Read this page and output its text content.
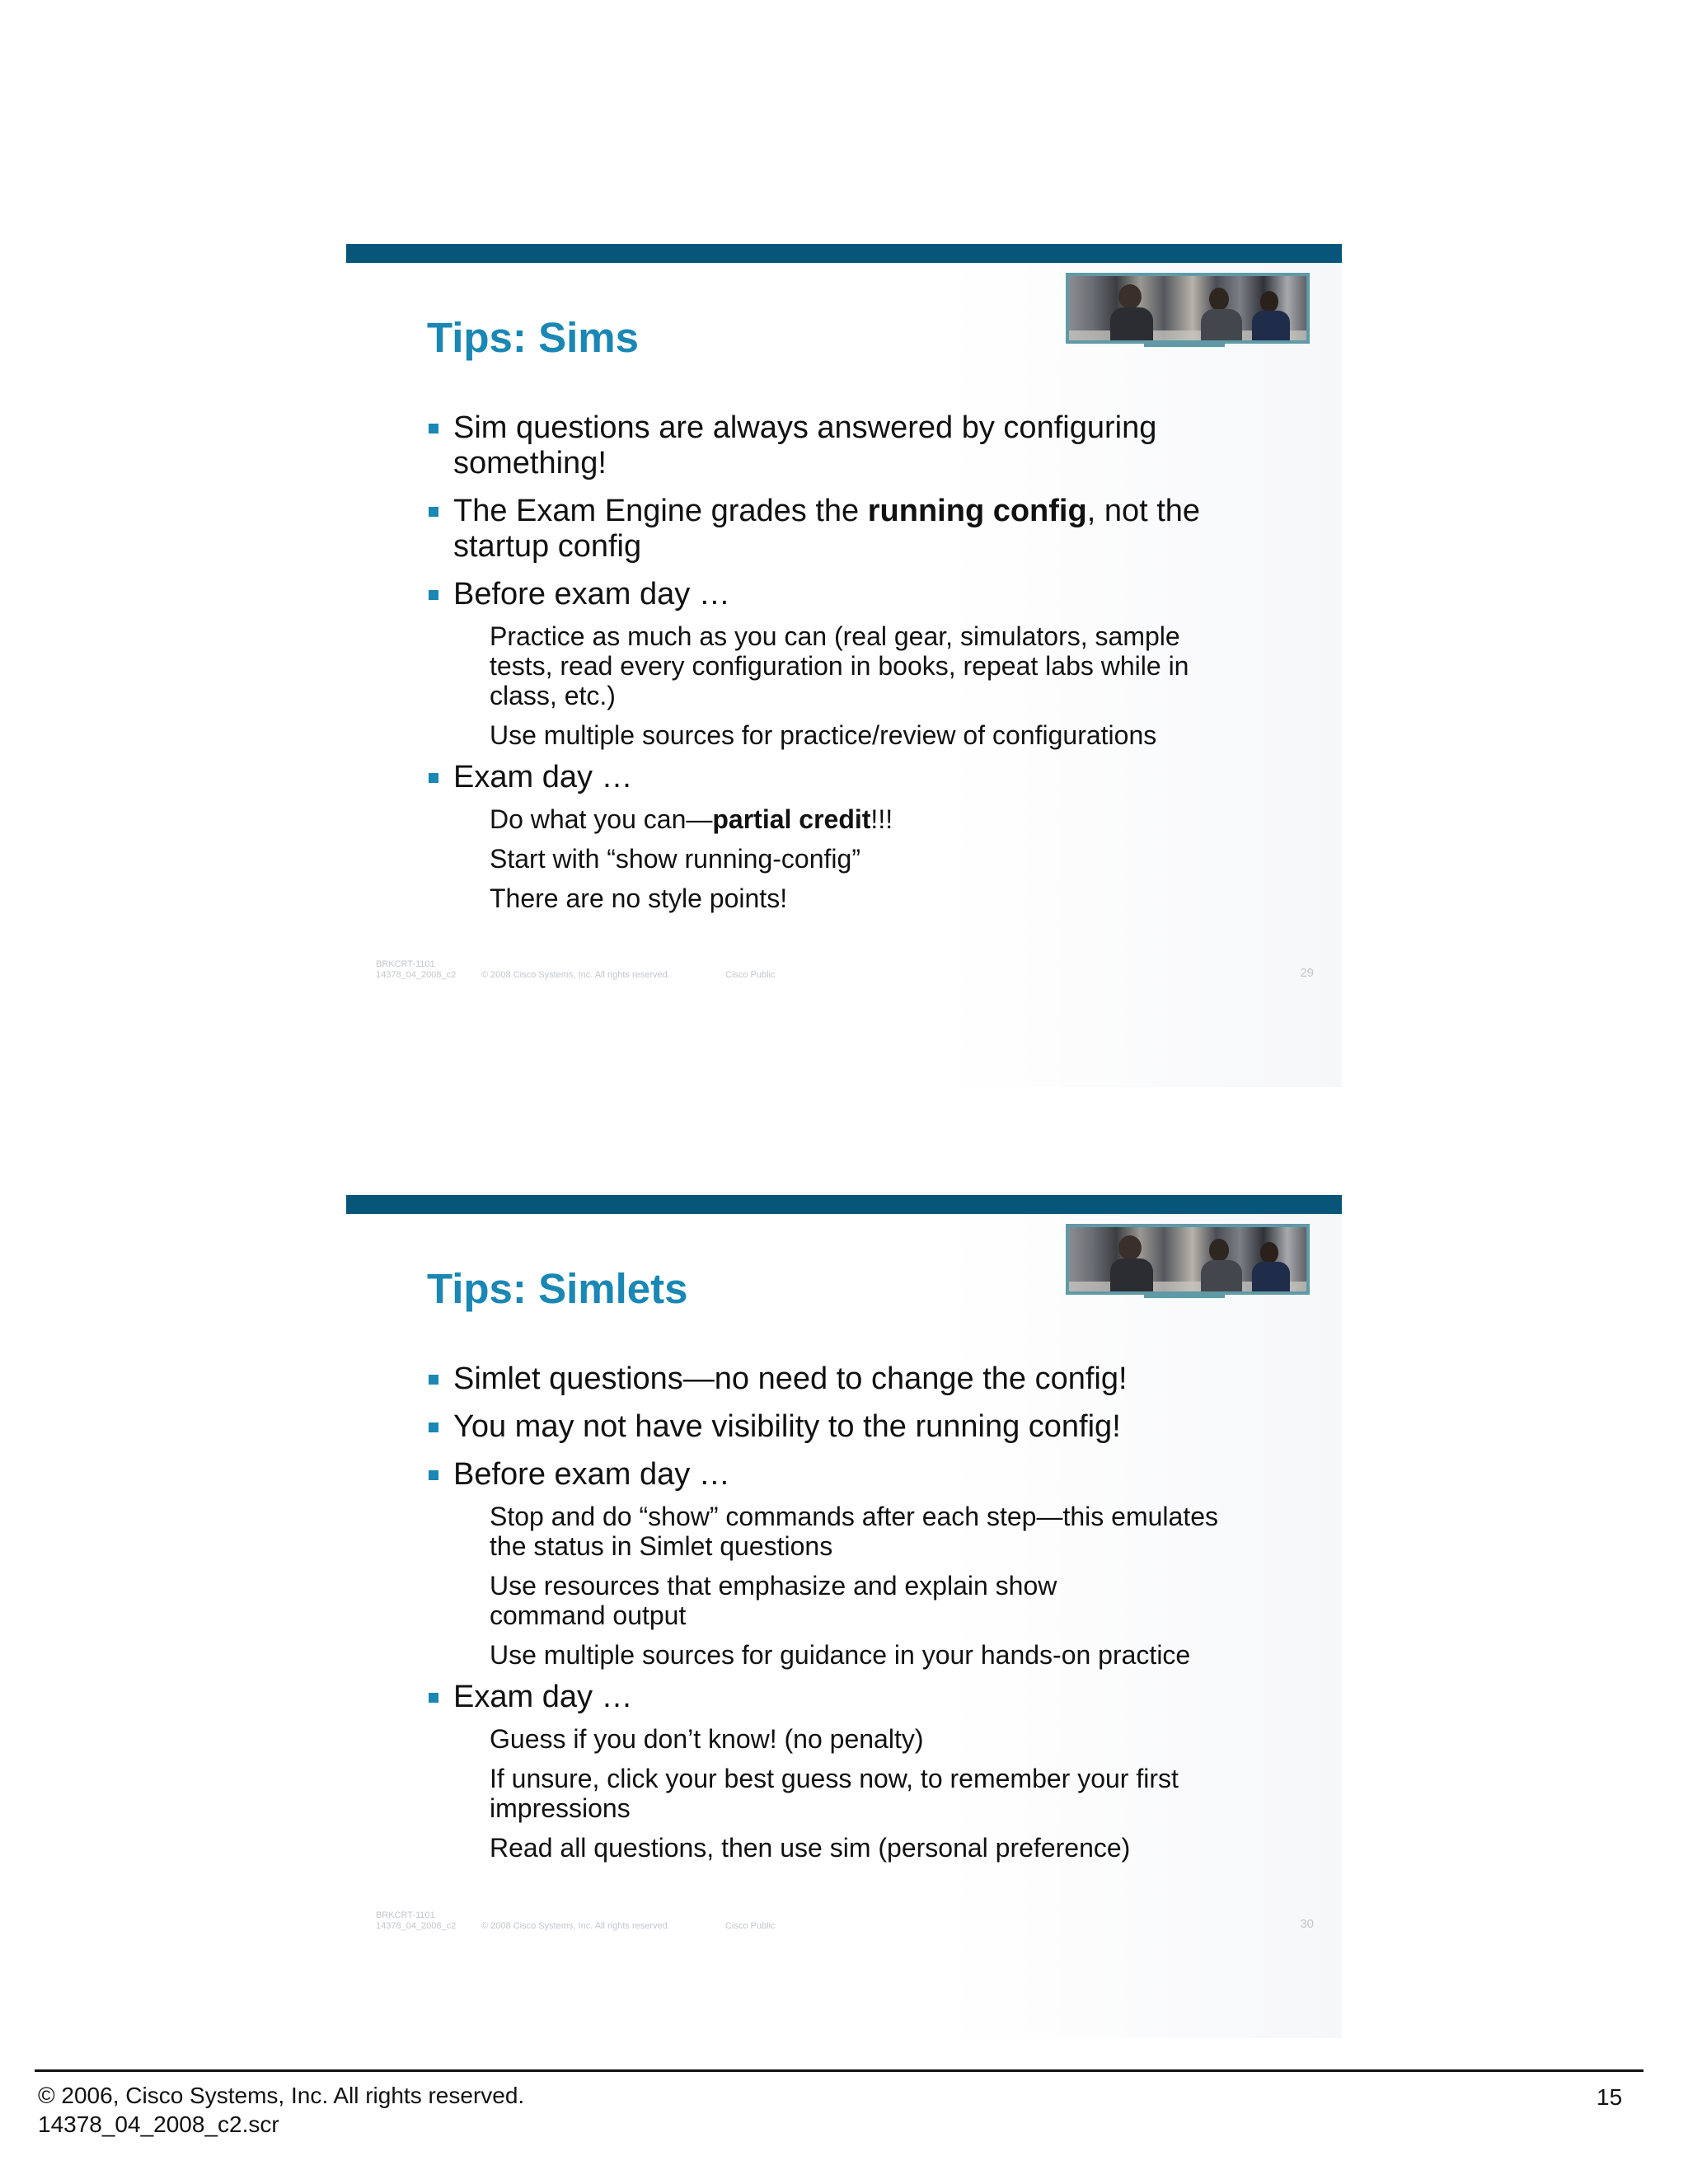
Tips: Sims
Sim questions are always answered by configuring
something!
The Exam Engine grades the running config, not the
startup config
Before exam day …
Practice as much as you can (real gear, simulators, sample
tests, read every configuration in books, repeat labs while in
class, etc.)
Use multiple sources for practice/review of configurations
Exam day …
Do what you can—partial credit!!!
Start with “show running-config”
There are no style points!
BRKCRT-1101
14378_04_2008_c2	© 2008 Cisco Systems, Inc. All rights reserved.	Cisco Public	29
Tips: Simlets
Simlet questions—no need to change the config!
You may not have visibility to the running config!
Before exam day …
Stop and do “show” commands after each step—this emulates
the status in Simlet questions
Use resources that emphasize and explain show
command output
Use multiple sources for guidance in your hands-on practice
Exam day …
Guess if you don’t know! (no penalty)
If unsure, click your best guess now, to remember your first
impressions
Read all questions, then use sim (personal preference)
BRKCRT-1101
14378_04_2008_c2	© 2008 Cisco Systems, Inc. All rights reserved.	Cisco Public	30
© 2006, Cisco Systems, Inc. All rights reserved.
14378_04_2008_c2.scr
15
